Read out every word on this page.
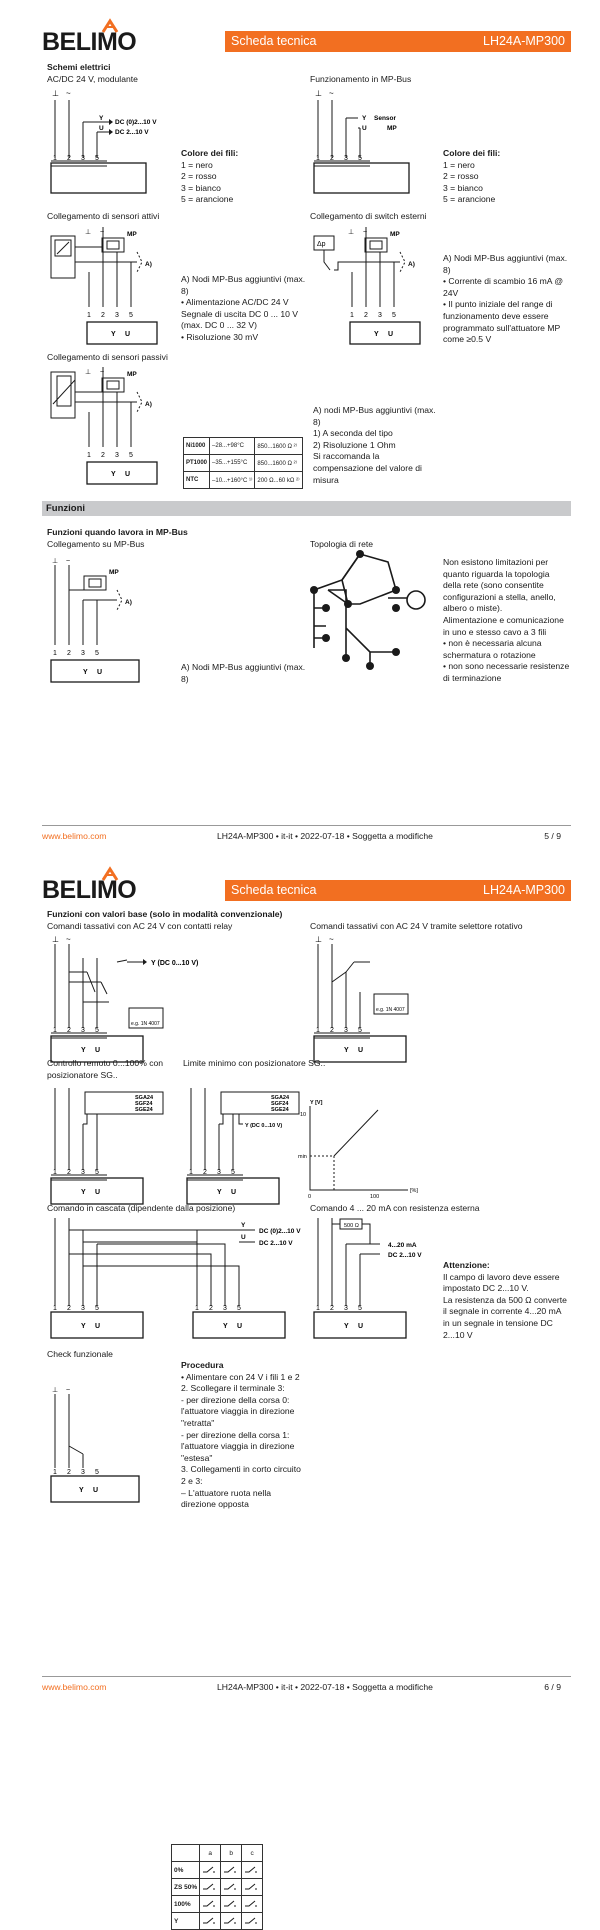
BELIMO	Scheda tecnica	LH24A-MP300
Schemi elettrici
AC/DC 24 V, modulante	Funzionamento in MP-Bus
⊥ ~
Y
DC (0)2...10 V
U
DC 2...10 V
1 2 3 5
Colore dei fili:
1 = nero
2 = rosso
3 = bianco
5 = arancione
⊥ ~
Y Sensor
U	MP
1 2 3 5
Colore dei fili:
1 = nero
2 = rosso
3 = bianco
5 = arancione
Collegamento di sensori attivi	Collegamento di switch esterni
⊥ ~	MP
A)
1 2 3 5
Y U
A) Nodi MP-Bus aggiuntivi (max.
8)
• Alimentazione AC/DC 24 V
Segnale di uscita DC 0 ... 10 V
(max. DC 0 ... 32 V)
• Risoluzione 30 mV
Δp
⊥ ~	MP
A)
1 2 3 5
Y U
A) Nodi MP-Bus aggiuntivi (max.
8)
• Corrente di scambio 16 mA @
24V
• Il punto iniziale del range di
funzionamento deve essere
programmato sull'attuatore MP
come ≥0.5 V
Collegamento di sensori passivi
⊥ ~	MP
A)
1 2 3 5
Y U
Ni1000	–28...+98°C	850...1600 Ω ²⁾
PT1000	–35...+155°C	850...1600 Ω ²⁾
NTC	–10...+160°C ¹⁾	200 Ω...60 kΩ ²⁾
A) nodi MP-Bus aggiuntivi (max.
8)
1) A seconda del tipo
2) Risoluzione 1 Ohm
Si raccomanda la
compensazione del valore di
misura
Funzioni
Funzioni quando lavora in MP-Bus
Collegamento su MP-Bus	Topologia di rete
⊥ ~
MP
A)
1 2 3 5
Y U
A) Nodi MP-Bus aggiuntivi (max.
8)
Non esistono limitazioni per
quanto riguarda la topologia
della rete (sono consentite
configurazioni a stella, anello,
albero o miste).
Alimentazione e comunicazione
in uno e stesso cavo a 3 fili
• non è necessaria alcuna
schermatura o rotazione
• non sono necessarie resistenze
di terminazione
www.belimo.com	LH24A-MP300 • it-it • 2022-07-18 • Soggetta a modifiche	5 / 9
BELIMO	Scheda tecnica	LH24A-MP300
Funzioni con valori base (solo in modalità convenzionale)
Comandi tassativi con AC 24 V con contatti relay	Comandi tassativi con AC 24 V tramite selettore rotativo
⊥ ~
Y (DC 0...10 V)
e.g. 1N 4007
1 2 3 5
Y U
	a	b	c
0%			
ZS 50%			
100%			
Y			
⊥ ~
e.g. 1N 4007
1 2 3 5
Y U
Controllo remoto 0...100% con
posizionatore SG..
Limite minimo con posizionatore SG..
SGA24
SGF24
SGE24
1 2 3 5
Y U
SGA24
SGF24
SGE24
Y (DC 0...10 V)
1 2 3 5
Y U
Y [V]
10
min
[%]
0	100
Comando in cascata (dipendente dalla posizione)	Comando 4 ... 20 mA con resistenza esterna
Y
DC (0)2...10 V
U
DC 2...10 V
1 2 3 5	1 2 3 5
Y U	Y U
500 Ω
4...20 mA
DC 2...10 V
1 2 3 5
Y U
Attenzione:
Il campo di lavoro deve essere
impostato DC 2...10 V.
La resistenza da 500 Ω converte
il segnale in corrente 4...20 mA
in un segnale in tensione DC
2...10 V
Check funzionale
⊥ ~
1 2 3 5
Y U
Procedura
• Alimentare con 24 V i fili 1 e 2
2. Scollegare il terminale 3:
- per direzione della corsa 0:
l'attuatore viaggia in direzione
"retratta"
- per direzione della corsa 1:
l'attuatore viaggia in direzione
"estesa"
3. Collegamenti in corto circuito
2 e 3:
– L'attuatore ruota nella
direzione opposta
www.belimo.com	LH24A-MP300 • it-it • 2022-07-18 • Soggetta a modifiche	6 / 9
